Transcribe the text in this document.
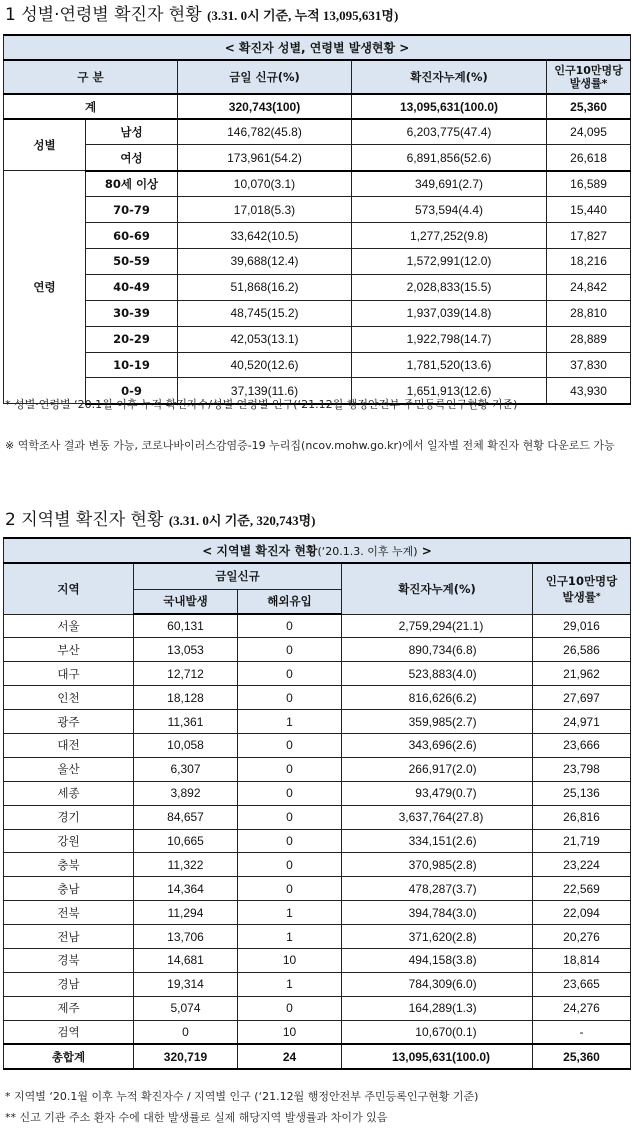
1 성별·연령별 확진자 현황 (3.31. 0시 기준, 누적 13,095,631명)
< 확진자 성별, 연령별 발생현황 >				
구 분		금일 신규(%)	확진자누계(%)	인구10만명당
발생률*

계		320,743(100)	13,095,631(100.0)	25,360
성별	남성	146,782(45.8)	6,203,775(47.4)	24,095
	여성	173,961(54.2)	6,891,856(52.6)	26,618
연령	80세 이상	10,070(3.1)	349,691(2.7)	16,589
	70-79	17,018(5.3)	573,594(4.4)	15,440
	60-69	33,642(10.5)	1,277,252(9.8)	17,827
	50-59	39,688(12.4)	1,572,991(12.0)	18,216
	40-49	51,868(16.2)	2,028,833(15.5)	24,842
	30-39	48,745(15.2)	1,937,039(14.8)	28,810
	20-29	42,053(13.1)	1,922,798(14.7)	28,889
	10-19	40,520(12.6)	1,781,520(13.6)	37,830
	0-9	37,139(11.6)	1,651,913(12.6)	43,930
* 성별·연령별 ‘20.1월 이후 누적 확진자수/성별·연령별 인구(‘21.12월 행정안전부 주민등록인구현황 기준)
※ 역학조사 결과 변동 가능, 코로나바이러스감염증-19 누리집(ncov.mohw.go.kr)에서 일자별 전체 확진자 현황 다운로드 가능
2 지역별 확진자 현황 (3.31. 0시 기준, 320,743명)
< 지역별 확진자 현황(‘20.1.3. 이후 누계) >				
지역	금일신규		확진자누계(%)	인구10만명당
발생률*

	국내발생	해외유입		
서울	60,131	0	2,759,294(21.1)	29,016
부산	13,053	0	890,734(6.8)	26,586
대구	12,712	0	523,883(4.0)	21,962
인천	18,128	0	816,626(6.2)	27,697
광주	11,361	1	359,985(2.7)	24,971
대전	10,058	0	343,696(2.6)	23,666
울산	6,307	0	266,917(2.0)	23,798
세종	3,892	0	93,479(0.7)	25,136
경기	84,657	0	3,637,764(27.8)	26,816
강원	10,665	0	334,151(2.6)	21,719
충북	11,322	0	370,985(2.8)	23,224
충남	14,364	0	478,287(3.7)	22,569
전북	11,294	1	394,784(3.0)	22,094
전남	13,706	1	371,620(2.8)	20,276
경북	14,681	10	494,158(3.8)	18,814
경남	19,314	1	784,309(6.0)	23,665
제주	5,074	0	164,289(1.3)	24,276
검역	0	10	10,670(0.1)	-
총합계	320,719	24	13,095,631(100.0)	25,360
* 지역별 ‘20.1월 이후 누적 확진자수 / 지역별 인구 (‘21.12월 행정안전부 주민등록인구현황 기준)
** 신고 기관 주소 환자 수에 대한 발생률로 실제 해당지역 발생률과 차이가 있음
